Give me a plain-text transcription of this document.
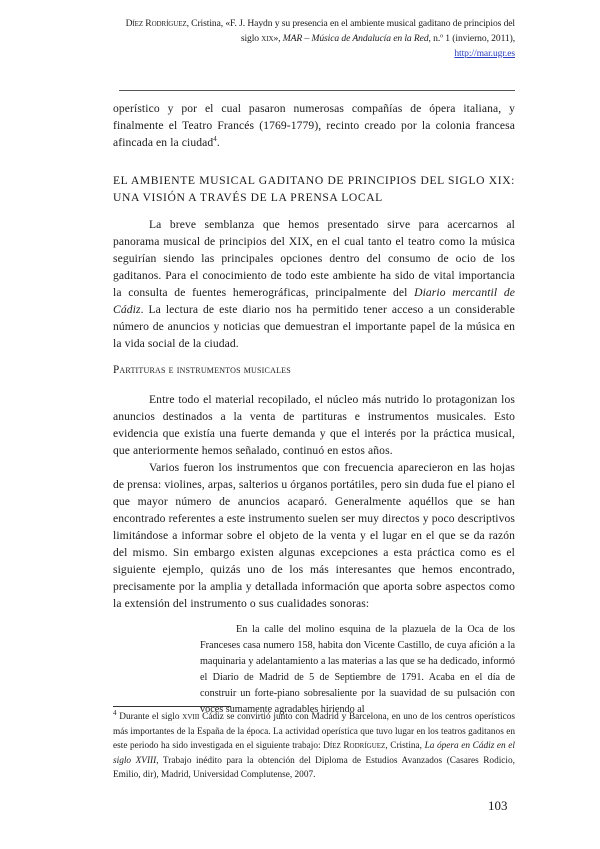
Díez Rodríguez, Cristina, «F. J. Haydn y su presencia en el ambiente musical gaditano de principios del siglo xix», MAR – Música de Andalucía en la Red, n.º 1 (invierno, 2011),
http://mar.ugr.es

operístico y por el cual pasaron numerosas compañías de ópera italiana, y finalmente el Teatro Francés (1769-1779), recinto creado por la colonia francesa afincada en la ciudad$^4$.

EL AMBIENTE MUSICAL GADITANO DE PRINCIPIOS DEL SIGLO XIX: UNA VISIÓN A TRAVÉS DE LA PRENSA LOCAL

La breve semblanza que hemos presentado sirve para acercarnos al panorama musical de principios del XIX, en el cual tanto el teatro como la música seguirían siendo las principales opciones dentro del consumo de ocio de los gaditanos. Para el conocimiento de todo este ambiente ha sido de vital importancia la consulta de fuentes hemerográficas, principalmente del Diario mercantil de Cádiz. La lectura de este diario nos ha permitido tener acceso a un considerable número de anuncios y noticias que demuestran el importante papel de la música en la vida social de la ciudad.

Partituras e instrumentos musicales

Entre todo el material recopilado, el núcleo más nutrido lo protagonizan los anuncios destinados a la venta de partituras e instrumentos musicales. Esto evidencia que existía una fuerte demanda y que el interés por la práctica musical, que anteriormente hemos señalado, continuó en estos años.

Varios fueron los instrumentos que con frecuencia aparecieron en las hojas de prensa: violines, arpas, salterios u órganos portátiles, pero sin duda fue el piano el que mayor número de anuncios acaparó. Generalmente aquéllos que se han encontrado referentes a este instrumento suelen ser muy directos y poco descriptivos limitándose a informar sobre el objeto de la venta y el lugar en el que se da razón del mismo. Sin embargo existen algunas excepciones a esta práctica como es el siguiente ejemplo, quizás uno de los más interesantes que hemos encontrado, precisamente por la amplia y detallada información que aporta sobre aspectos como la extensión del instrumento o sus cualidades sonoras:

En la calle del molino esquina de la plazuela de la Oca de los Franceses casa numero 158, habita don Vicente Castillo, de cuya afición a la maquinaria y adelantamiento a las materias a las que se ha dedicado, informó el Diario de Madrid de 5 de Septiembre de 1791. Acaba en el día de construir un forte-piano sobresaliente por la suavidad de su pulsación con voces sumamente agradables hiriendo al

$^4$ Durante el siglo xviii Cádiz se convirtió junto con Madrid y Barcelona, en uno de los centros operísticos más importantes de la España de la época. La actividad operística que tuvo lugar en los teatros gaditanos en este periodo ha sido investigada en el siguiente trabajo: Díez Rodríguez, Cristina, La ópera en Cádiz en el siglo XVIII, Trabajo inédito para la obtención del Diploma de Estudios Avanzados (Casares Rodicio, Emilio, dir), Madrid, Universidad Complutense, 2007.

103
